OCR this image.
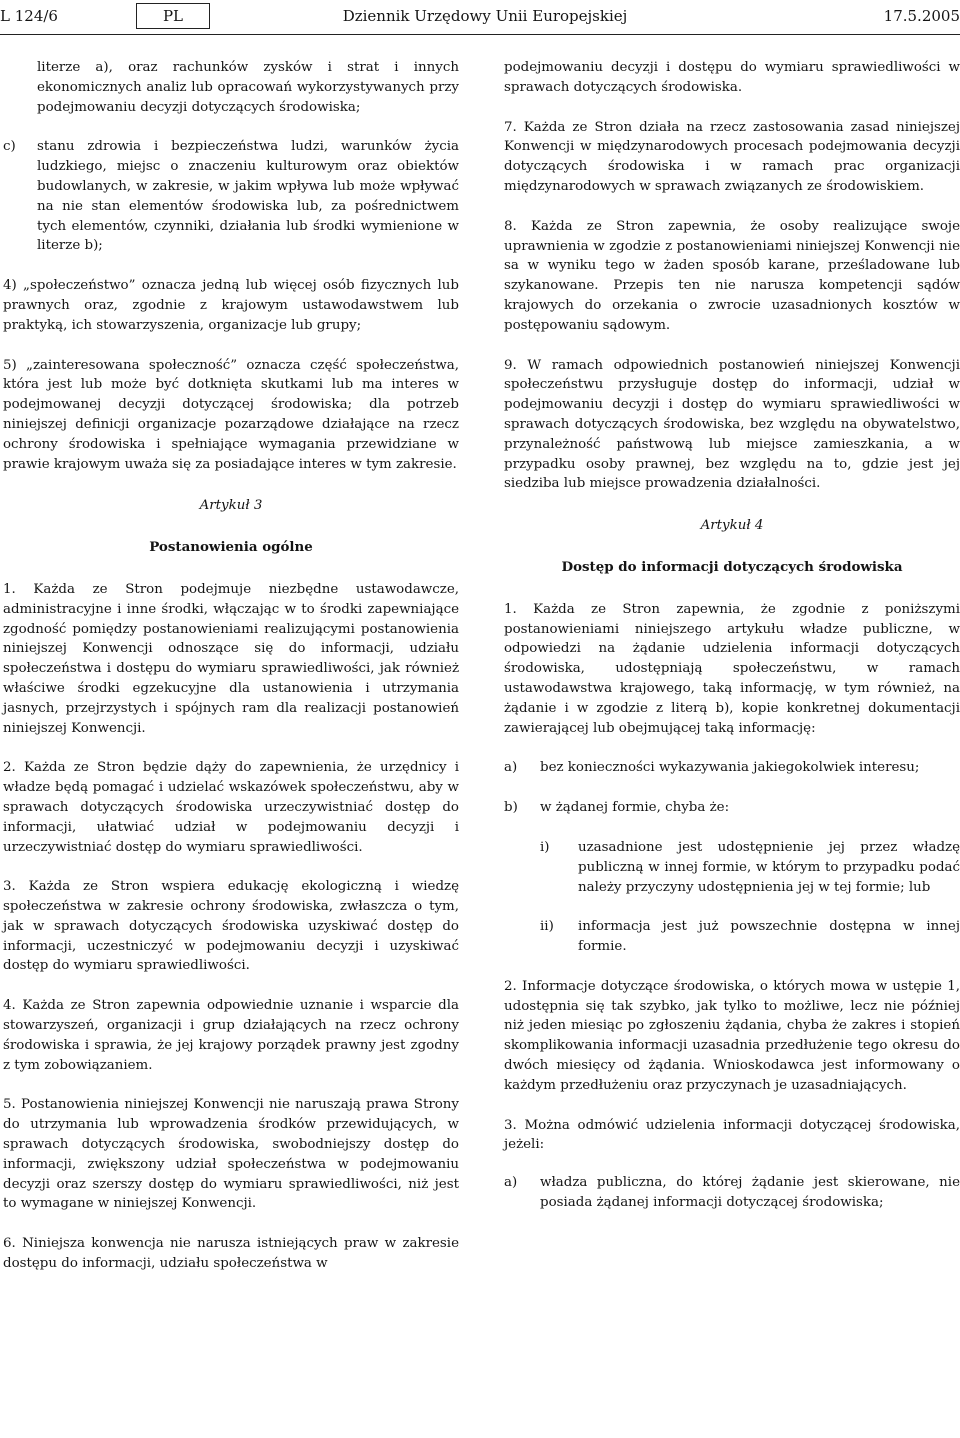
L 124/6	PL	Dziennik Urzędowy Unii Europejskiej	17.5.2005

literze a), oraz rachunków zysków i strat i innych ekonomicznych analiz lub opracowań wykorzystywanych przy podejmowaniu decyzji dotyczących środowiska;

c)	stanu zdrowia i bezpieczeństwa ludzi, warunków życia ludzkiego, miejsc o znaczeniu kulturowym oraz obiektów budowlanych, w zakresie, w jakim wpływa lub może wpływać na nie stan elementów środowiska lub, za pośrednictwem tych elementów, czynniki, działania lub środki wymienione w literze b);

4) „społeczeństwo” oznacza jedną lub więcej osób fizycznych lub prawnych oraz, zgodnie z krajowym ustawodawstwem lub praktyką, ich stowarzyszenia, organizacje lub grupy;

5) „zainteresowana społeczność” oznacza część społeczeństwa, która jest lub może być dotknięta skutkami lub ma interes w podejmowanej decyzji dotyczącej środowiska; dla potrzeb niniejszej definicji organizacje pozarządowe działające na rzecz ochrony środowiska i spełniające wymagania przewidziane w prawie krajowym uważa się za posiadające interes w tym zakresie.

Artykuł 3
Postanowienia ogólne

1. Każda ze Stron podejmuje niezbędne ustawodawcze, administracyjne i inne środki, włączając w to środki zapewniające zgodność pomiędzy postanowieniami realizującymi postanowienia niniejszej Konwencji odnoszące się do informacji, udziału społeczeństwa i dostępu do wymiaru sprawiedliwości, jak również właściwe środki egzekucyjne dla ustanowienia i utrzymania jasnych, przejrzystych i spójnych ram dla realizacji postanowień niniejszej Konwencji.

2. Każda ze Stron będzie dąży do zapewnienia, że urzędnicy i władze będą pomagać i udzielać wskazówek społeczeństwu, aby w sprawach dotyczących środowiska urzeczywistniać dostęp do informacji, ułatwiać udział w podejmowaniu decyzji i urzeczywistniać dostęp do wymiaru sprawiedliwości.

3. Każda ze Stron wspiera edukację ekologiczną i wiedzę społeczeństwa w zakresie ochrony środowiska, zwłaszcza o tym, jak w sprawach dotyczących środowiska uzyskiwać dostęp do informacji, uczestniczyć w podejmowaniu decyzji i uzyskiwać dostęp do wymiaru sprawiedliwości.

4. Każda ze Stron zapewnia odpowiednie uznanie i wsparcie dla stowarzyszeń, organizacji i grup działających na rzecz ochrony środowiska i sprawia, że jej krajowy porządek prawny jest zgodny z tym zobowiązaniem.

5. Postanowienia niniejszej Konwencji nie naruszają prawa Strony do utrzymania lub wprowadzenia środków przewidujących, w sprawach dotyczących środowiska, swobodniejszy dostęp do informacji, zwiększony udział społeczeństwa w podejmowaniu decyzji oraz szerszy dostęp do wymiaru sprawiedliwości, niż jest to wymagane w niniejszej Konwencji.

6. Niniejsza konwencja nie narusza istniejących praw w zakresie dostępu do informacji, udziału społeczeństwa w

podejmowaniu decyzji i dostępu do wymiaru sprawiedliwości w sprawach dotyczących środowiska.

7. Każda ze Stron działa na rzecz zastosowania zasad niniejszej Konwencji w międzynarodowych procesach podejmowania decyzji dotyczących środowiska i w ramach prac organizacji międzynarodowych w sprawach związanych ze środowiskiem.

8. Każda ze Stron zapewnia, że osoby realizujące swoje uprawnienia w zgodzie z postanowieniami niniejszej Konwencji nie sa w wyniku tego w żaden sposób karane, prześladowane lub szykanowane. Przepis ten nie narusza kompetencji sądów krajowych do orzekania o zwrocie uzasadnionych kosztów w postępowaniu sądowym.

9. W ramach odpowiednich postanowień niniejszej Konwencji społeczeństwu przysługuje dostęp do informacji, udział w podejmowaniu decyzji i dostęp do wymiaru sprawiedliwości w sprawach dotyczących środowiska, bez względu na obywatelstwo, przynależność państwową lub miejsce zamieszkania, a w przypadku osoby prawnej, bez względu na to, gdzie jest jej siedziba lub miejsce prowadzenia działalności.

Artykuł 4
Dostęp do informacji dotyczących środowiska

1. Każda ze Stron zapewnia, że zgodnie z poniższymi postanowieniami niniejszego artykułu władze publiczne, w odpowiedzi na żądanie udzielenia informacji dotyczących środowiska, udostępniają społeczeństwu, w ramach ustawodawstwa krajowego, taką informację, w tym również, na żądanie i w zgodzie z literą b), kopie konkretnej dokumentacji zawierającej lub obejmującej taką informację:

a)	bez konieczności wykazywania jakiegokolwiek interesu;
b)	w żądanej formie, chyba że:
i)	uzasadnione jest udostępnienie jej przez władzę publiczną w innej formie, w którym to przypadku podać należy przyczyny udostępnienia jej w tej formie; lub
ii)	informacja jest już powszechnie dostępna w innej formie.

2. Informacje dotyczące środowiska, o których mowa w ustępie 1, udostępnia się tak szybko, jak tylko to możliwe, lecz nie później niż jeden miesiąc po zgłoszeniu żądania, chyba że zakres i stopień skomplikowania informacji uzasadnia przedłużenie tego okresu do dwóch miesięcy od żądania. Wnioskodawca jest informowany o każdym przedłużeniu oraz przyczynach je uzasadniających.

3. Można odmówić udzielenia informacji dotyczącej środowiska, jeżeli:

a)	władza publiczna, do której żądanie jest skierowane, nie posiada żądanej informacji dotyczącej środowiska;
